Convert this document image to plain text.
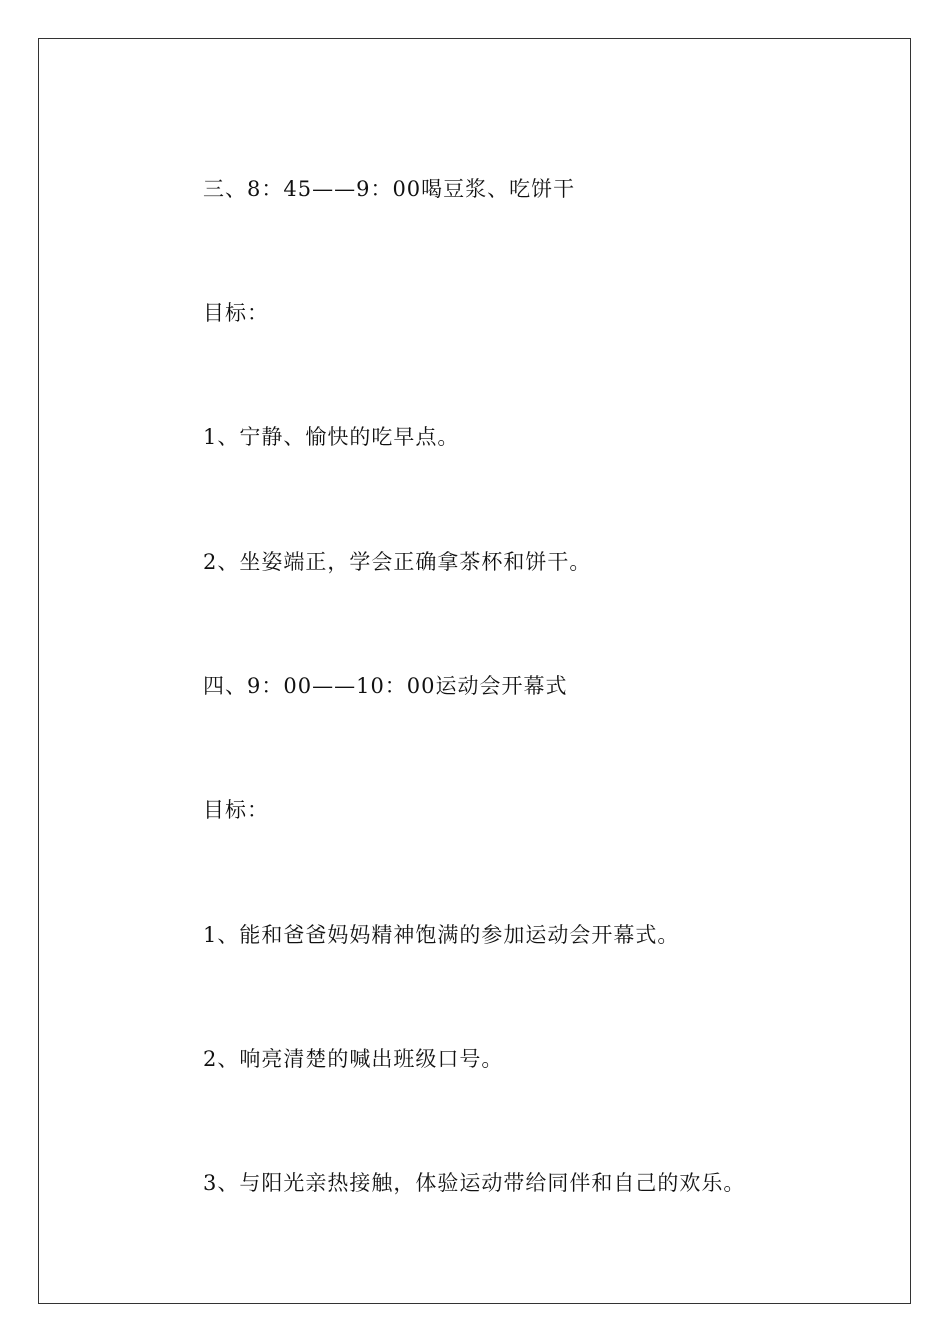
三、8：45——9：00喝豆浆、吃饼干
目标：
1、宁静、愉快的吃早点。
2、坐姿端正，学会正确拿茶杯和饼干。
四、9：00——10：00运动会开幕式
目标：
1、能和爸爸妈妈精神饱满的参加运动会开幕式。
2、响亮清楚的喊出班级口号。
3、与阳光亲热接触，体验运动带给同伴和自己的欢乐。
